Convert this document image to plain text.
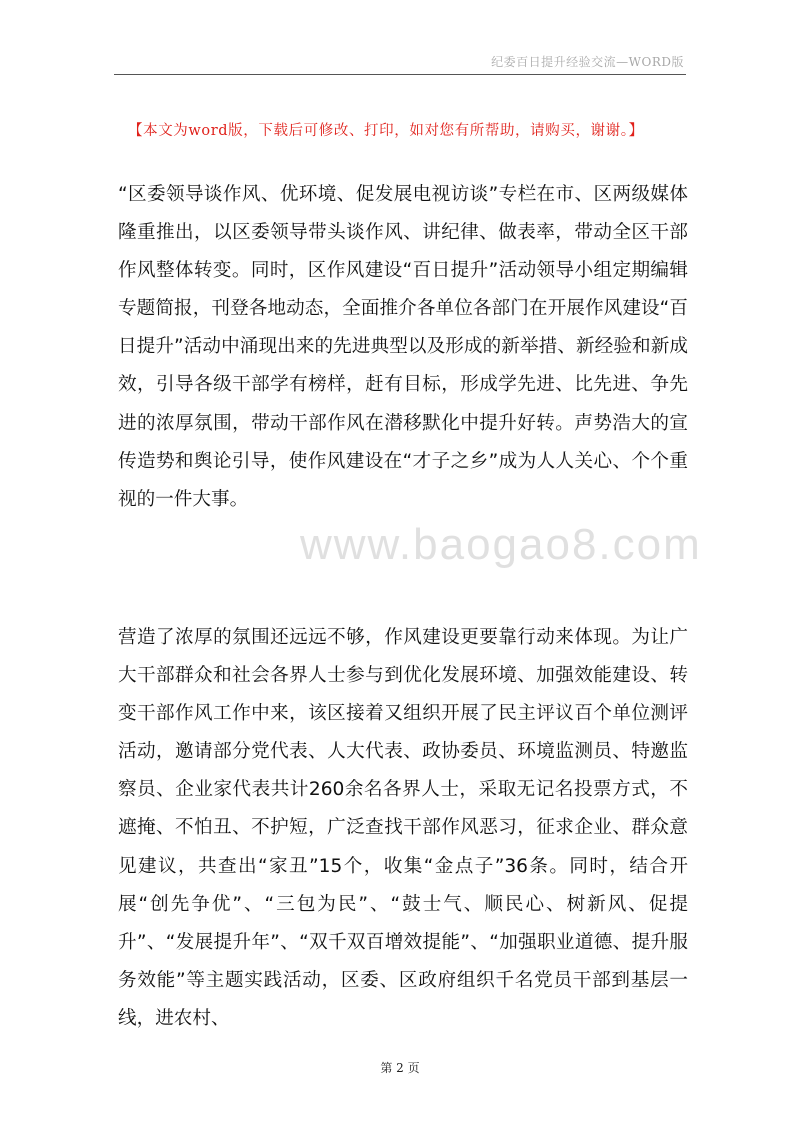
纪委百日提升经验交流—WORD版
【本文为word版，下载后可修改、打印，如对您有所帮助，请购买，谢谢。】
“区委领导谈作风、优环境、促发展电视访谈”专栏在市、区两级媒体隆重推出，以区委领导带头谈作风、讲纪律、做表率，带动全区干部作风整体转变。同时，区作风建设“百日提升”活动领导小组定期编辑专题简报，刊登各地动态，全面推介各单位各部门在开展作风建设“百日提升”活动中涌现出来的先进典型以及形成的新举措、新经验和新成效，引导各级干部学有榜样，赶有目标，形成学先进、比先进、争先进的浓厚氛围，带动干部作风在潜移默化中提升好转。声势浩大的宣传造势和舆论引导，使作风建设在“才子之乡”成为人人关心、个个重视的一件大事。
www.baogao8.com
营造了浓厚的氛围还远远不够，作风建设更要靠行动来体现。为让广大干部群众和社会各界人士参与到优化发展环境、加强效能建设、转变干部作风工作中来，该区接着又组织开展了民主评议百个单位测评活动，邀请部分党代表、人大代表、政协委员、环境监测员、特邀监察员、企业家代表共计260余名各界人士，采取无记名投票方式，不遮掩、不怕丑、不护短，广泛查找干部作风恶习，征求企业、群众意见建议，共查出“家丑”15个，收集“金点子”36条。同时，结合开展“创先争优”、“三包为民”、“鼓士气、顺民心、树新风、促提升”、“发展提升年”、“双千双百增效提能”、“加强职业道德、提升服务效能”等主题实践活动，区委、区政府组织千名党员干部到基层一线，进农村、
第 2 页
